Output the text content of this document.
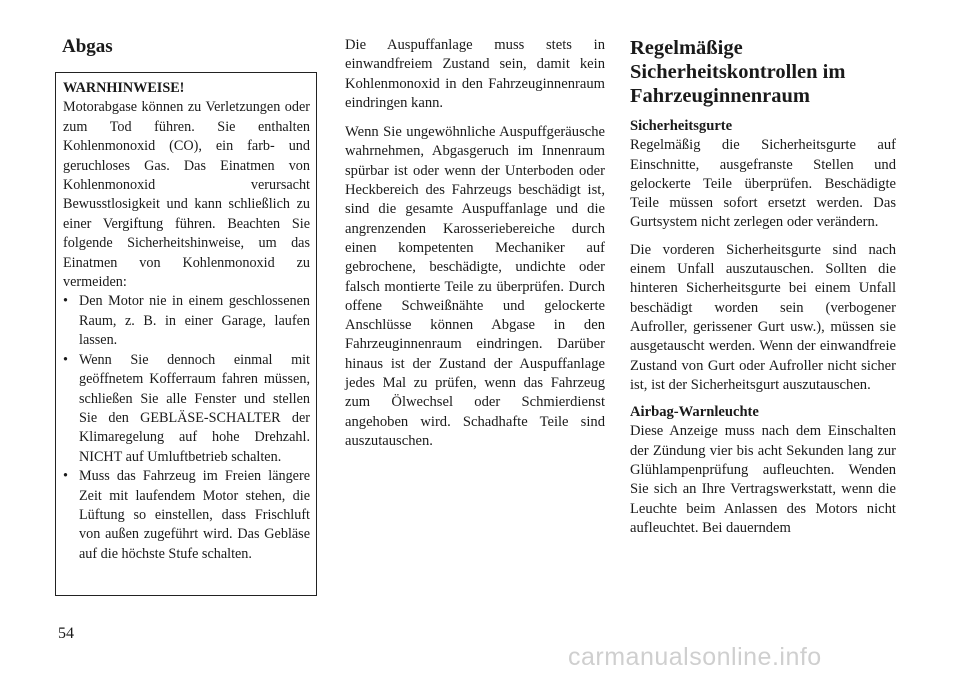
Abgas

WARNHINWEISE!

Motorabgase können zu Verletzungen oder zum Tod führen. Sie enthalten Kohlenmonoxid (CO), ein farb- und geruchloses Gas. Das Einatmen von Kohlenmonoxid verursacht Bewusstlosigkeit und kann schließlich zu einer Vergiftung führen. Beachten Sie folgende Sicherheitshinweise, um das Einatmen von Kohlenmonoxid zu vermeiden:

• Den Motor nie in einem geschlossenen Raum, z. B. in einer Garage, laufen lassen.
• Wenn Sie dennoch einmal mit geöffnetem Kofferraum fahren müssen, schließen Sie alle Fenster und stellen Sie den GEBLÄSE-SCHALTER der Klimaregelung auf hohe Drehzahl. NICHT auf Umluftbetrieb schalten.
• Muss das Fahrzeug im Freien längere Zeit mit laufendem Motor stehen, die Lüftung so einstellen, dass Frischluft von außen zugeführt wird. Das Gebläse auf die höchste Stufe schalten.

Die Auspuffanlage muss stets in einwandfreiem Zustand sein, damit kein Kohlenmonoxid in den Fahrzeuginnenraum eindringen kann.

Wenn Sie ungewöhnliche Auspuffgeräusche wahrnehmen, Abgasgeruch im Innenraum spürbar ist oder wenn der Unterboden oder Heckbereich des Fahrzeugs beschädigt ist, sind die gesamte Auspuffanlage und die angrenzenden Karosseriebereiche durch einen kompetenten Mechaniker auf gebrochene, beschädigte, undichte oder falsch montierte Teile zu überprüfen. Durch offene Schweißnähte und gelockerte Anschlüsse können Abgase in den Fahrzeuginnenraum eindringen. Darüber hinaus ist der Zustand der Auspuffanlage jedes Mal zu prüfen, wenn das Fahrzeug zum Ölwechsel oder Schmierdienst angehoben wird. Schadhafte Teile sind auszutauschen.

Regelmäßige Sicherheitskontrollen im Fahrzeuginnenraum

Sicherheitsgurte

Regelmäßig die Sicherheitsgurte auf Einschnitte, ausgefranste Stellen und gelockerte Teile überprüfen. Beschädigte Teile müssen sofort ersetzt werden. Das Gurtsystem nicht zerlegen oder verändern.

Die vorderen Sicherheitsgurte sind nach einem Unfall auszutauschen. Sollten die hinteren Sicherheitsgurte bei einem Unfall beschädigt worden sein (verbogener Aufroller, gerissener Gurt usw.), müssen sie ausgetauscht werden. Wenn der einwandfreie Zustand von Gurt oder Aufroller nicht sicher ist, ist der Sicherheitsgurt auszutauschen.

Airbag-Warnleuchte

Diese Anzeige muss nach dem Einschalten der Zündung vier bis acht Sekunden lang zur Glühlampenprüfung aufleuchten. Wenden Sie sich an Ihre Vertragswerkstatt, wenn die Leuchte beim Anlassen des Motors nicht aufleuchtet. Bei dauerndem

54

carmanualsonline.info
